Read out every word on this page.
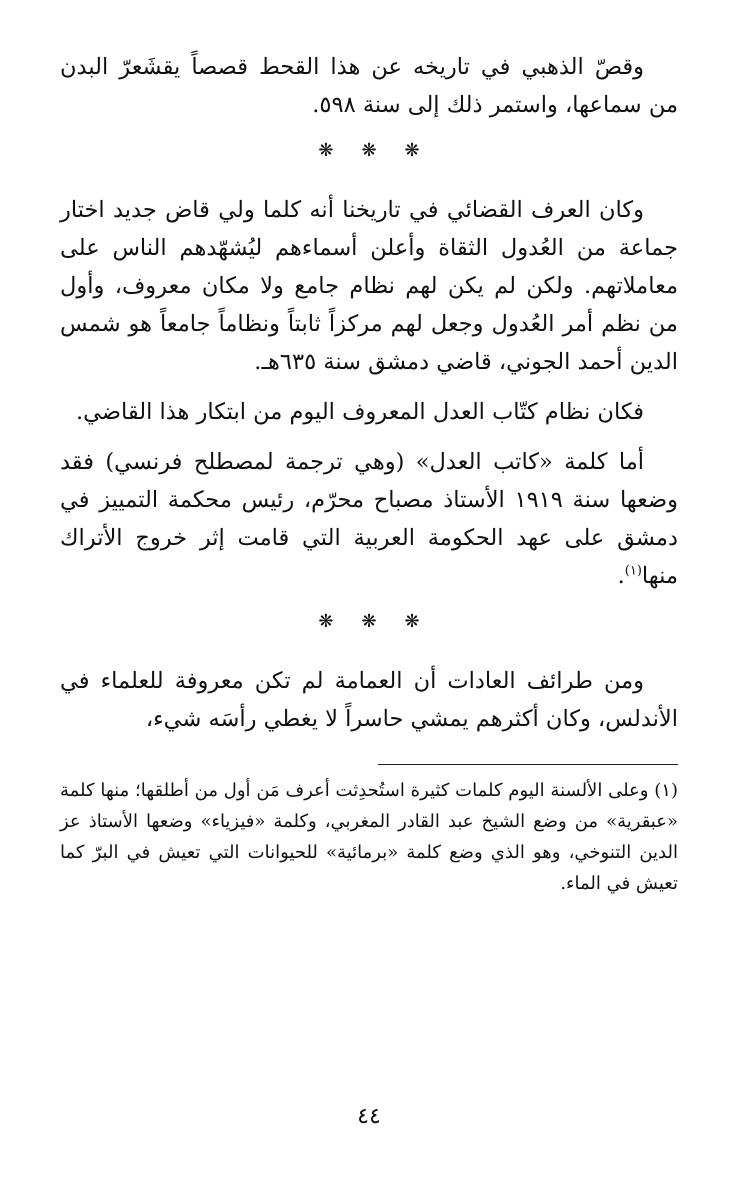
وقصّ الذهبي في تاريخه عن هذا القحط قصصاً يقشَعرّ البدن من سماعها، واستمر ذلك إلى سنة ٥٩٨.

❋ ❋ ❋

وكان العرف القضائي في تاريخنا أنه كلما ولي قاض جديد اختار جماعة من العُدول الثقاة وأعلن أسماءهم ليُشهّدهم الناس على معاملاتهم. ولكن لم يكن لهم نظام جامع ولا مكان معروف، وأول من نظم أمر العُدول وجعل لهم مركزاً ثابتاً ونظاماً جامعاً هو شمس الدين أحمد الجوني، قاضي دمشق سنة ٦٣٥هـ.

فكان نظام كتّاب العدل المعروف اليوم من ابتكار هذا القاضي.

أما كلمة «كاتب العدل» (وهي ترجمة لمصطلح فرنسي) فقد وضعها سنة ١٩١٩ الأستاذ مصباح محرّم، رئيس محكمة التمييز في دمشق على عهد الحكومة العربية التي قامت إثر خروج الأتراك منها$^{(١)}$.

❋ ❋ ❋

ومن طرائف العادات أن العمامة لم تكن معروفة للعلماء في الأندلس، وكان أكثرهم يمشي حاسراً لا يغطي رأسَه شيء،

(١) وعلى الألسنة اليوم كلمات كثيرة استُحدِثت أعرف مَن أول من أطلقها؛ منها كلمة «عبقرية» من وضع الشيخ عبد القادر المغربي، وكلمة «فيزياء» وضعها الأستاذ عز الدين التنوخي، وهو الذي وضع كلمة «برمائية» للحيوانات التي تعيش في البرّ كما تعيش في الماء.

٤٤
